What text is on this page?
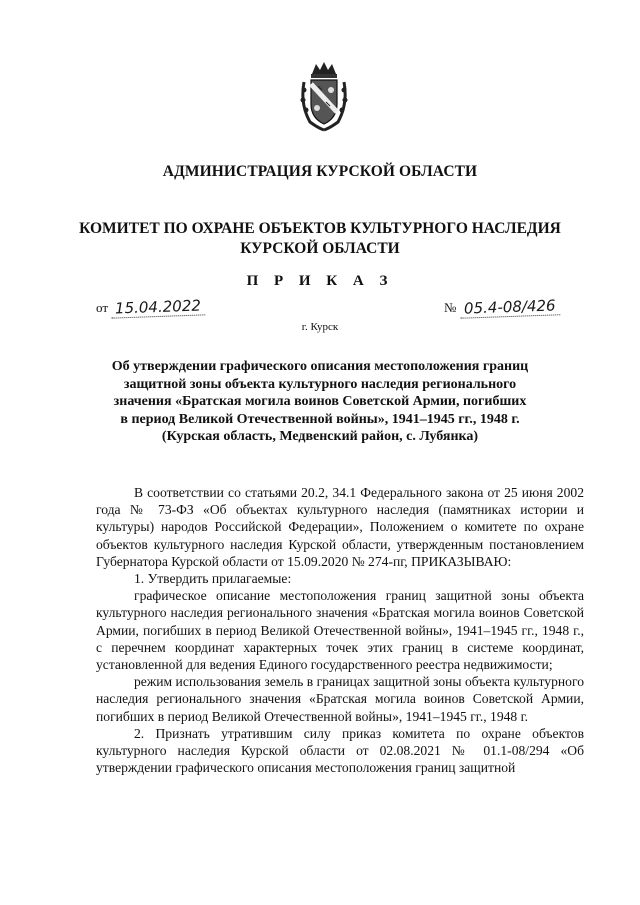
АДМИНИСТРАЦИЯ КУРСКОЙ ОБЛАСТИ
КОМИТЕТ ПО ОХРАНЕ ОБЪЕКТОВ КУЛЬТУРНОГО НАСЛЕДИЯ
КУРСКОЙ ОБЛАСТИ
П Р И К А З
от 15.04.2022	№ 05.4-08/426
г. Курск
Об утверждении графического описания местоположения границ
защитной зоны объекта культурного наследия регионального
значения «Братская могила воинов Советской Армии, погибших
в период Великой Отечественной войны», 1941–1945 гг., 1948 г.
(Курская область, Медвенский район, с. Лубянка)

В соответствии со статьями 20.2, 34.1 Федерального закона от 25 июня 2002 года № 73-ФЗ «Об объектах культурного наследия (памятниках истории и культуры) народов Российской Федерации», Положением о комитете по охране объектов культурного наследия Курской области, утвержденным постановлением Губернатора Курской области от 15.09.2020 № 274-пг, ПРИКАЗЫВАЮ:

1. Утвердить прилагаемые:

графическое описание местоположения границ защитной зоны объекта культурного наследия регионального значения «Братская могила воинов Советской Армии, погибших в период Великой Отечественной войны», 1941–1945 гг., 1948 г., с перечнем координат характерных точек этих границ в системе координат, установленной для ведения Единого государственного реестра недвижимости;

режим использования земель в границах защитной зоны объекта культурного наследия регионального значения «Братская могила воинов Советской Армии, погибших в период Великой Отечественной войны», 1941–1945 гг., 1948 г.

2. Признать утратившим силу приказ комитета по охране объектов культурного наследия Курской области от 02.08.2021 № 01.1-08/294 «Об утверждении графического описания местоположения границ защитной
